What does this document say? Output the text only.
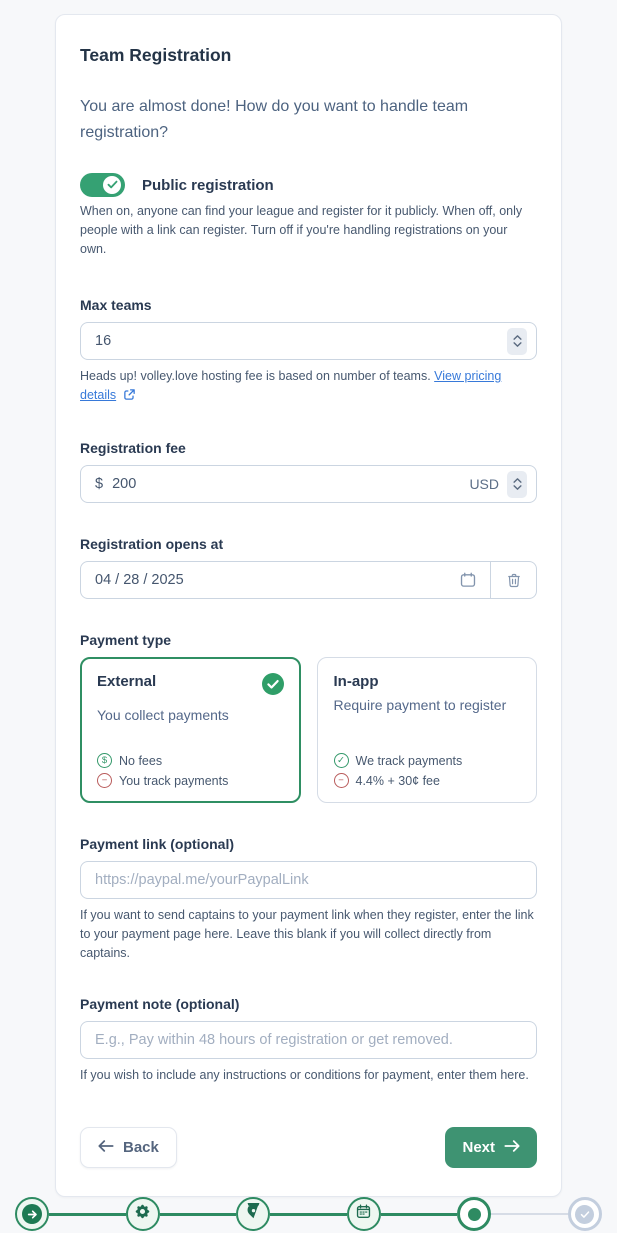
Team Registration

You are almost done! How do you want to handle team registration?

Public registration

When on, anyone can find your league and register for it publicly. When off, only people with a link can register. Turn off if you're handling registrations on your own.

Max teams
16

Heads up! volley.love hosting fee is based on number of teams. View pricing details

Registration fee
$
200	USD
Registration opens at
04 / 28 / 2025
Payment type
External

You collect payments

$ No fees
− You track payments
In-app

Require payment to register

✓ We track payments
− 4.4% + 30¢ fee
Payment link (optional)
https://paypal.me/yourPaypalLink

If you want to send captains to your payment link when they register, enter the link to your payment page here. Leave this blank if you will collect directly from captains.

Payment note (optional)
E.g., Pay within 48 hours of registration or get removed.

If you wish to include any instructions or conditions for payment, enter them here.

Back	Next
